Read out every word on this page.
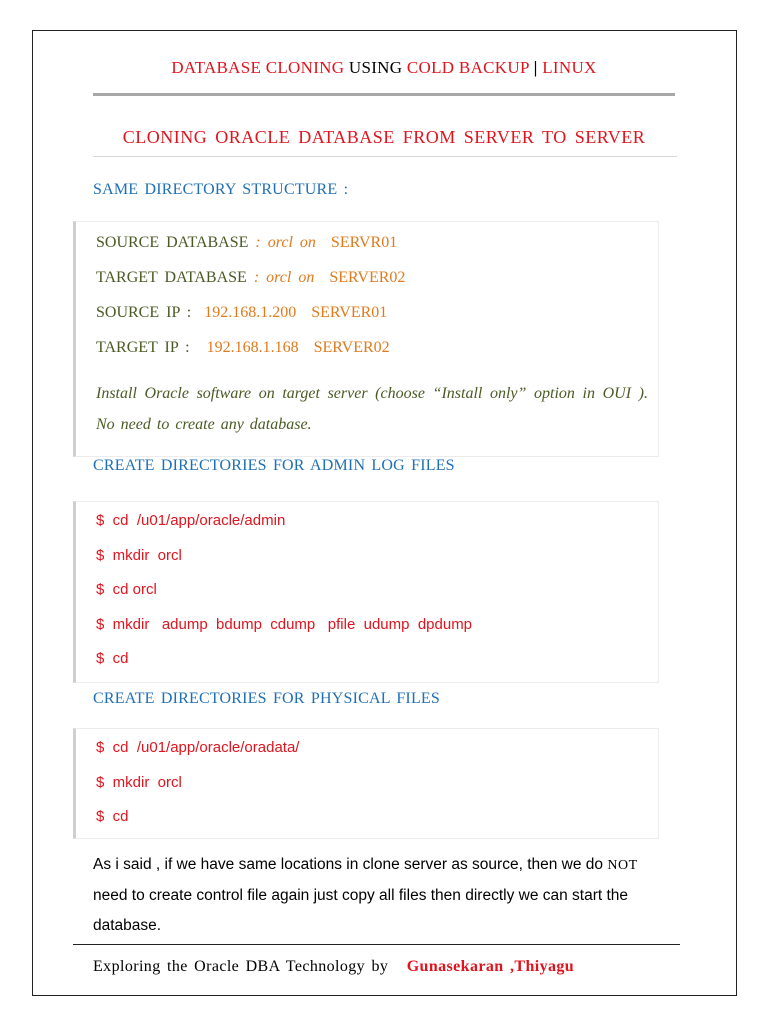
DATABASE CLONING USING COLD BACKUP | LINUX
CLONING ORACLE DATABASE FROM SERVER TO SERVER
SAME DIRECTORY STRUCTURE :
SOURCE DATABASE : orcl on SERVR01
TARGET DATABASE : orcl on SERVER02
SOURCE IP : 192.168.1.200 SERVER01
TARGET IP : 192.168.1.168 SERVER02
Install Oracle software on target server (choose “Install only” option in OUI ). No need to create any database.
CREATE DIRECTORIES FOR ADMIN LOG FILES
$  cd  /u01/app/oracle/admin
$  mkdir  orcl
$  cd orcl
$  mkdir   adump  bdump  cdump   pfile  udump  dpdump
$  cd
CREATE DIRECTORIES FOR PHYSICAL FILES
$  cd  /u01/app/oracle/oradata/
$  mkdir  orcl
$  cd
As i said , if we have same locations in clone server as source, then we do NOT need to create control file again just copy all files then directly we can start the database.
Exploring the Oracle DBA Technology by Gunasekaran ,Thiyagu
